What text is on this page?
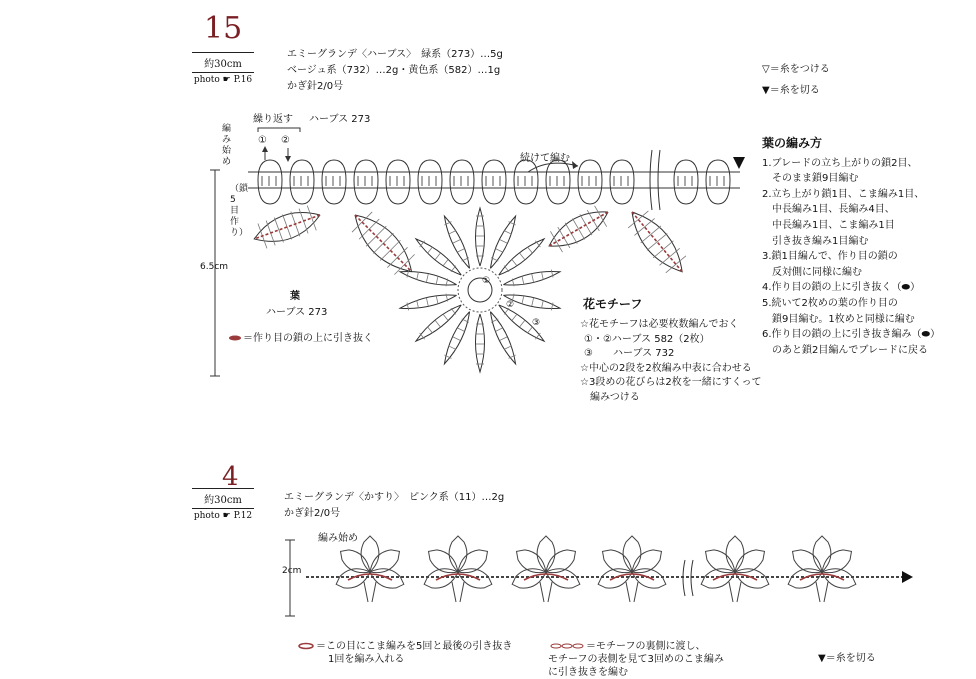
15
約30cm
photo ☛ P.16
エミーグランデ〈ハーブス〉　緑系（273）…5g
ベージュ系（732）…2g・黄色系（582）…1g
かぎ針2/0号
▽＝糸をつける
▼＝糸を切る
葉の編み方
1.ブレードの立ち上がりの鎖2目、
　そのまま鎖9目編む
2.立ち上がり鎖1目、こま編み1目、
　中長編み1目、長編み4目、
　中長編み1目、こま編み1目
　引き抜き編み1目編む
3.鎖1目編んで、作り目の鎖の
　反対側に同様に編む
4.作り目の鎖の上に引き抜く（⬬）
5.続いて2枚めの葉の作り目の
　鎖9目編む。1枚めと同様に編む
6.作り目の鎖の上に引き抜き編み（⬬）
　のあと鎖2目編んでブレードに戻る
繰り返す　 ハーブス 273
① ②
編み始め
（鎖5目作り）
6.5cm
続けて編む
葉
ハーブス 273
＝作り目の鎖の上に引き抜く
花モチーフ
☆花モチーフは必要枚数編んでおく
①・②ハーブス 582（2枚）
③　　ハーブス 732
☆中心の2段を2枚編み中表に合わせる
☆3段めの花びらは2枚を一緒にすくって
　編みつける
①
②
③
4
約30cm
photo ☛ P.12
エミーグランデ〈かすり〉　ピンク系（11）…2g
かぎ針2/0号
編み始め
2cm
＝この目にこま編みを5回と最後の引き抜き
1回を編み入れる
＝モチーフの裏側に渡し、
モチーフの表側を見て3回めのこま編み
に引き抜きを編む
▼＝糸を切る
